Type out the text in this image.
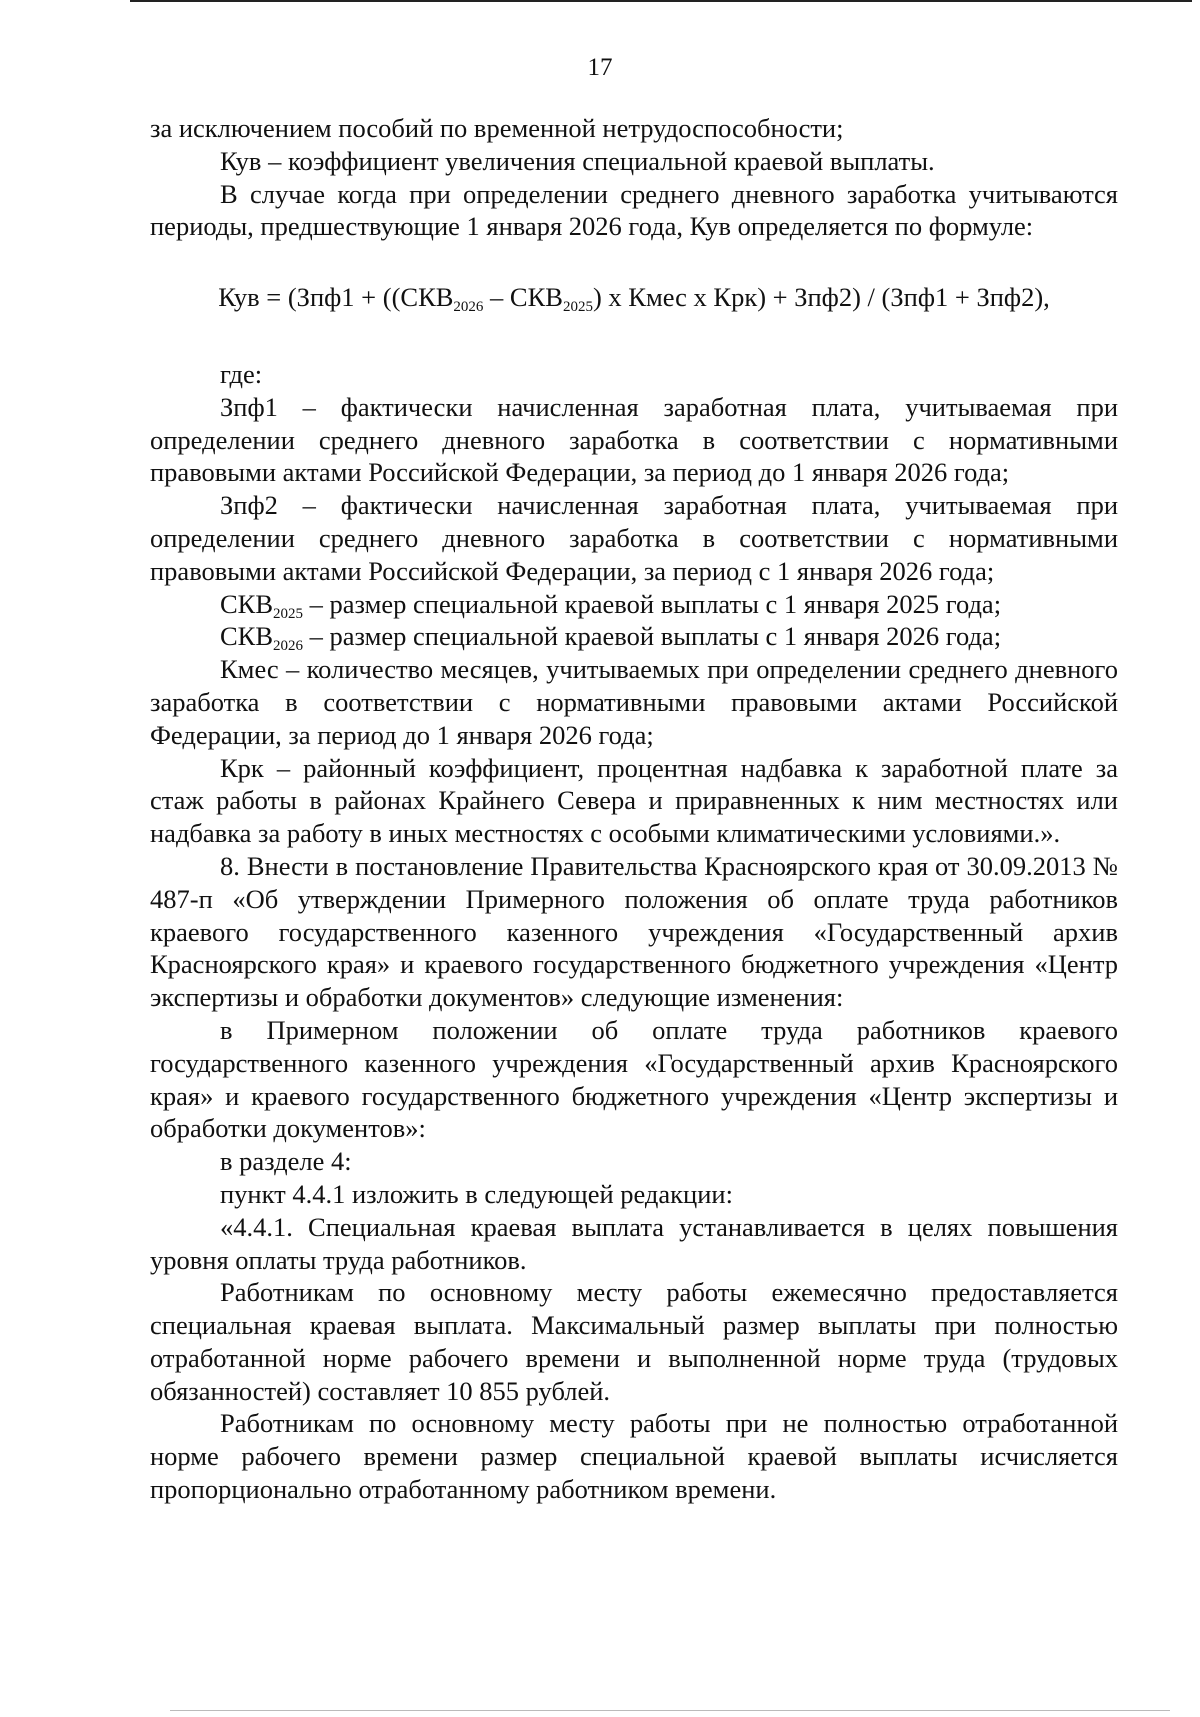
17

за исключением пособий по временной нетрудоспособности;

Кув – коэффициент увеличения специальной краевой выплаты.

В случае когда при определении среднего дневного заработка учитываются периоды, предшествующие 1 января 2026 года, Кув определяется по формуле:

Кув = ($Зпф1 + ((СКВ_{2026} - СКВ_{2025})$ х Кмес х Крк) + Зпф2) / (Зпф1 + Зпф2),

где:

Зпф1 – фактически начисленная заработная плата, учитываемая при определении среднего дневного заработка в соответствии с нормативными правовыми актами Российской Федерации, за период до 1 января 2026 года;

Зпф2 – фактически начисленная заработная плата, учитываемая при определении среднего дневного заработка в соответствии с нормативными правовыми актами Российской Федерации, за период с 1 января 2026 года;

$СКВ_{2025}$ – размер специальной краевой выплаты с 1 января 2025 года;

$СКВ_{2026}$ – размер специальной краевой выплаты с 1 января 2026 года;

Кмес – количество месяцев, учитываемых при определении среднего дневного заработка в соответствии с нормативными правовыми актами Российской Федерации, за период до 1 января 2026 года;

Крк – районный коэффициент, процентная надбавка к заработной плате за стаж работы в районах Крайнего Севера и приравненных к ним местностях или надбавка за работу в иных местностях с особыми климатическими условиями.».

8. Внести в постановление Правительства Красноярского края от 30.09.2013 № 487-п «Об утверждении Примерного положения об оплате труда работников краевого государственного казенного учреждения «Государственный архив Красноярского края» и краевого государственного бюджетного учреждения «Центр экспертизы и обработки документов» следующие изменения:

в Примерном положении об оплате труда работников краевого государственного казенного учреждения «Государственный архив Красноярского края» и краевого государственного бюджетного учреждения «Центр экспертизы и обработки документов»:

в разделе 4:

пункт 4.4.1 изложить в следующей редакции:

«4.4.1. Специальная краевая выплата устанавливается в целях повышения уровня оплаты труда работников.

Работникам по основному месту работы ежемесячно предоставляется специальная краевая выплата. Максимальный размер выплаты при полностью отработанной норме рабочего времени и выполненной норме труда (трудовых обязанностей) составляет 10 855 рублей.

Работникам по основному месту работы при не полностью отработанной норме рабочего времени размер специальной краевой выплаты исчисляется пропорционально отработанному работником времени.
